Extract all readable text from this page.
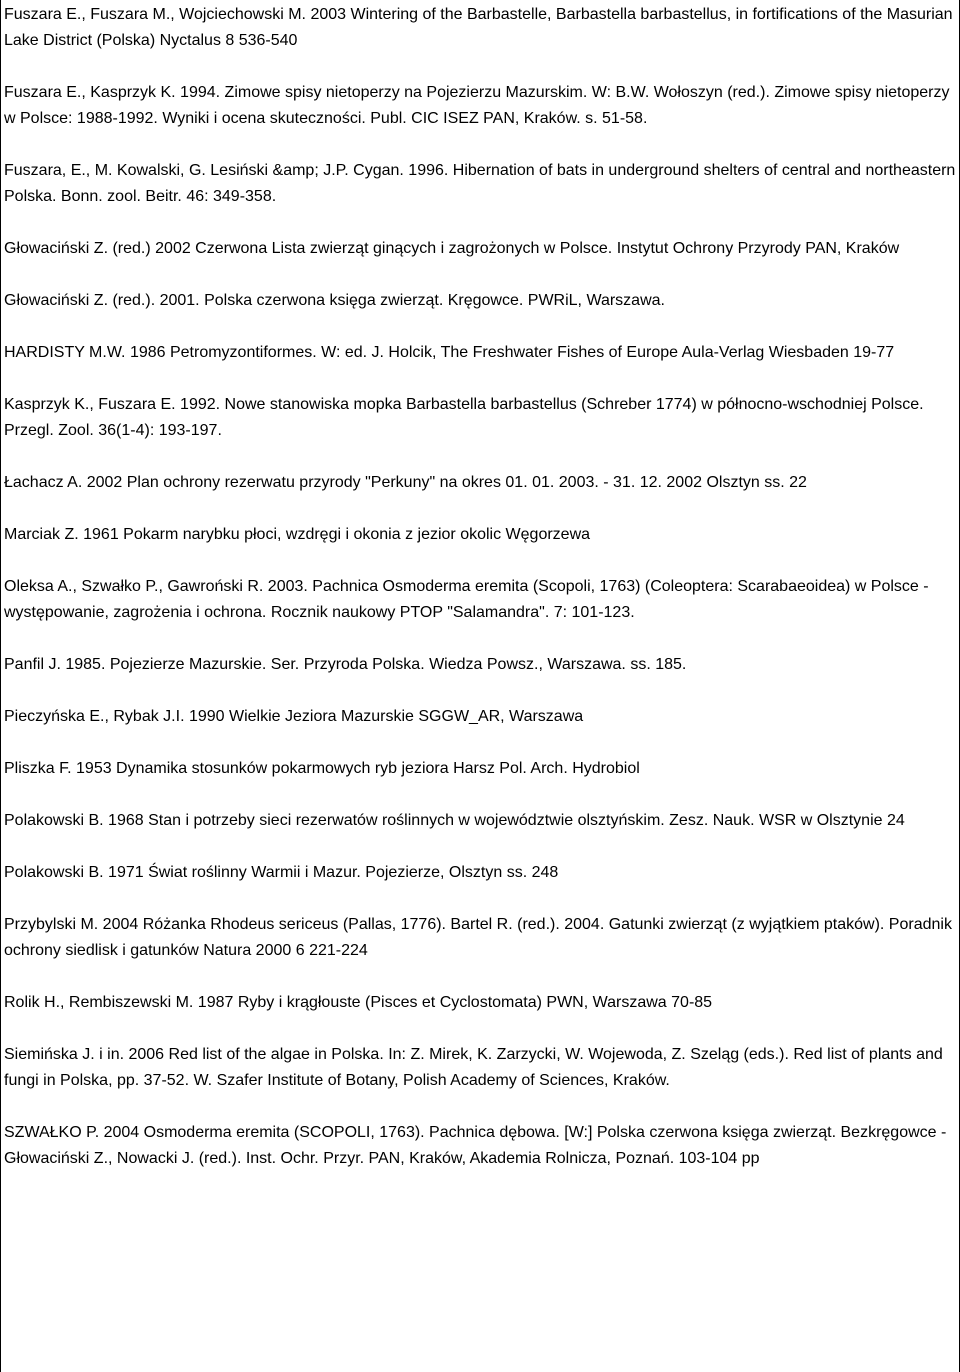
Fuszara E., Fuszara M., Wojciechowski M. 2003 Wintering of the Barbastelle, Barbastella barbastellus, in fortifications of the Masurian Lake District (Polska) Nyctalus 8 536-540
Fuszara E., Kasprzyk K. 1994. Zimowe spisy nietoperzy na Pojezierzu Mazurskim. W: B.W. Wołoszyn (red.). Zimowe spisy nietoperzy w Polsce: 1988-1992. Wyniki i ocena skuteczności. Publ. CIC ISEZ PAN, Kraków. s. 51-58.
Fuszara, E., M. Kowalski, G. Lesiński &amp; J.P. Cygan. 1996. Hibernation of bats in underground shelters of central and northeastern Polska. Bonn. zool. Beitr. 46: 349-358.
Głowaciński Z. (red.) 2002 Czerwona Lista zwierząt ginących i zagrożonych w Polsce. Instytut Ochrony Przyrody PAN, Kraków
Głowaciński Z. (red.). 2001. Polska czerwona księga zwierząt. Kręgowce. PWRiL, Warszawa.
HARDISTY M.W. 1986 Petromyzontiformes. W: ed. J. Holcik, The Freshwater Fishes of Europe Aula-Verlag Wiesbaden 19-77
Kasprzyk K., Fuszara E. 1992. Nowe stanowiska mopka Barbastella barbastellus (Schreber 1774) w północno-wschodniej Polsce. Przegl. Zool. 36(1-4): 193-197.
Łachacz A. 2002 Plan ochrony rezerwatu przyrody "Perkuny" na okres 01. 01. 2003. - 31. 12. 2002 Olsztyn ss. 22
Marciak Z. 1961 Pokarm narybku płoci, wzdręgi i okonia z jezior okolic Węgorzewa
Oleksa A., Szwałko P., Gawroński R. 2003. Pachnica Osmoderma eremita (Scopoli, 1763) (Coleoptera: Scarabaeoidea) w Polsce - występowanie, zagrożenia i ochrona. Rocznik naukowy PTOP "Salamandra". 7: 101-123.
Panfil J. 1985. Pojezierze Mazurskie. Ser. Przyroda Polska. Wiedza Powsz., Warszawa. ss. 185.
Pieczyńska E., Rybak J.I. 1990 Wielkie Jeziora Mazurskie SGGW_AR, Warszawa
Pliszka F. 1953 Dynamika stosunków pokarmowych ryb jeziora Harsz Pol. Arch. Hydrobiol
Polakowski B. 1968 Stan i potrzeby sieci rezerwatów roślinnych w województwie olsztyńskim. Zesz. Nauk. WSR w Olsztynie 24
Polakowski B. 1971 Świat roślinny Warmii i Mazur. Pojezierze, Olsztyn ss. 248
Przybylski M. 2004 Różanka Rhodeus sericeus (Pallas, 1776). Bartel R. (red.). 2004. Gatunki zwierząt (z wyjątkiem ptaków). Poradnik ochrony siedlisk i gatunków Natura 2000 6 221-224
Rolik H., Rembiszewski M. 1987 Ryby i krągłouste (Pisces et Cyclostomata) PWN, Warszawa 70-85
Siemińska J. i in. 2006 Red list of the algae in Polska. In: Z. Mirek, K. Zarzycki, W. Wojewoda, Z. Szeląg (eds.). Red list of plants and fungi in Polska, pp. 37-52. W. Szafer Institute of Botany, Polish Academy of Sciences, Kraków.
SZWAŁKO P. 2004 Osmoderma eremita (SCOPOLI, 1763). Pachnica dębowa. [W:] Polska czerwona księga zwierząt. Bezkręgowce - Głowaciński Z., Nowacki J. (red.). Inst. Ochr. Przyr. PAN, Kraków, Akademia Rolnicza, Poznań. 103-104 pp
